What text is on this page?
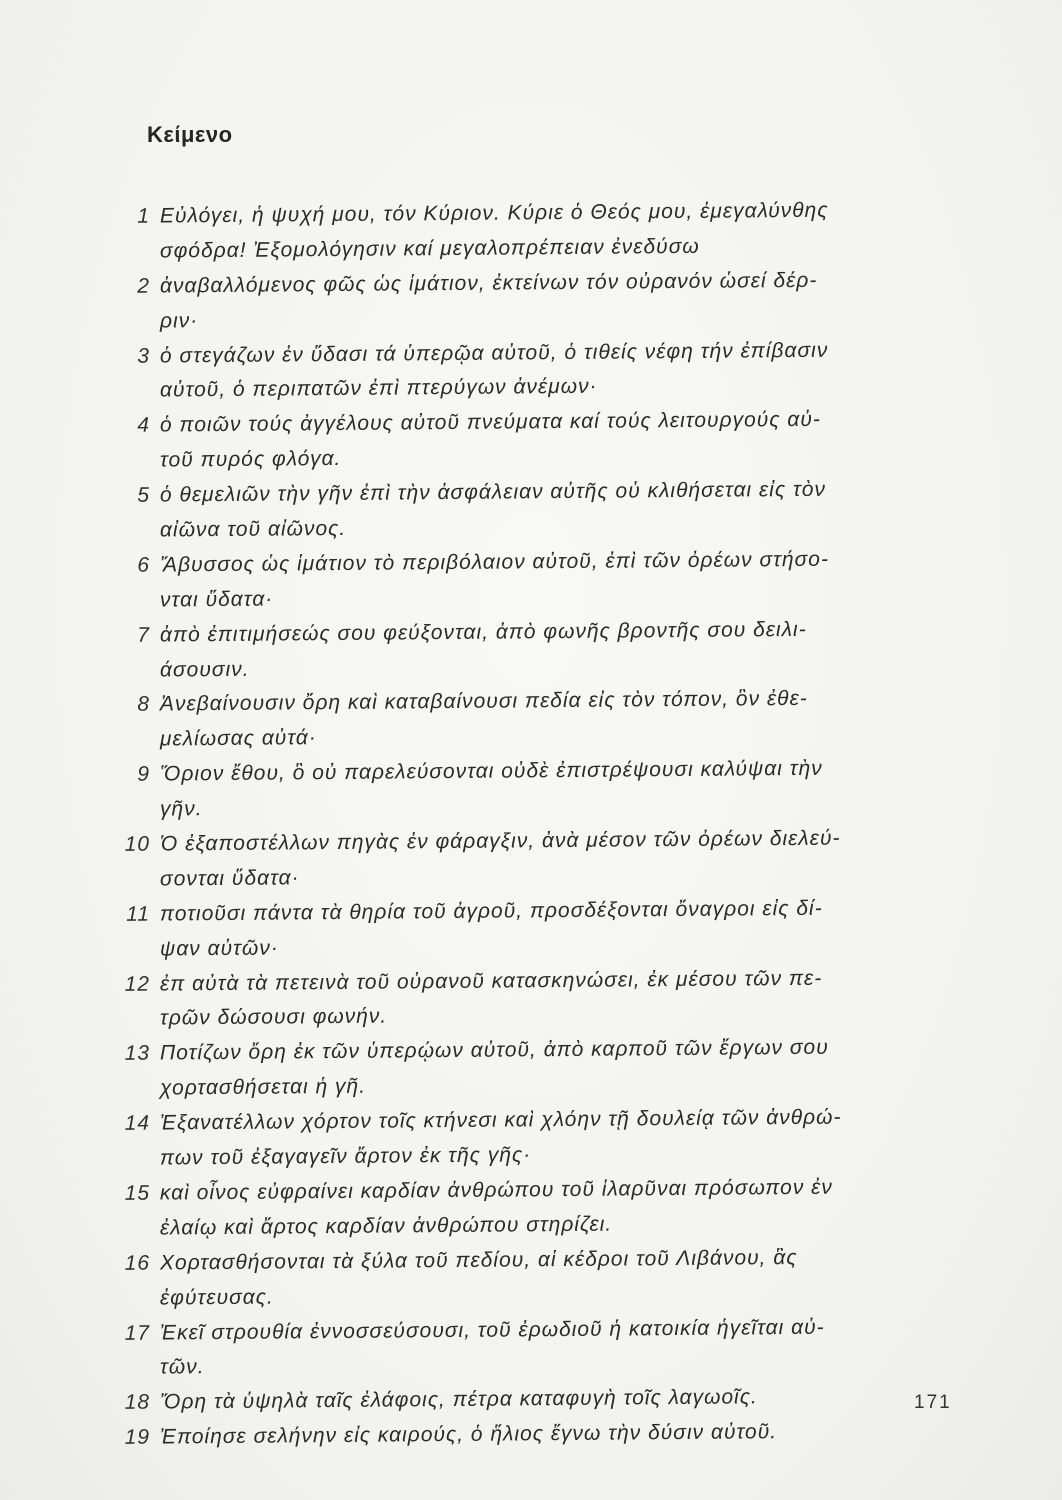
Κείμενο
1 Εὐλόγει, ἡ ψυχή μου, τόν Κύριον. Κύριε ὁ Θεός μου, ἐμεγαλύνθης
σφόδρα! Ἐξομολόγησιν καί μεγαλοπρέπειαν ἐνεδύσω
2 ἀναβαλλόμενος φῶς ὡς ἱμάτιον, ἐκτείνων τόν οὐρανόν ὡσεί δέρ-
ριν·
3 ὁ στεγάζων ἐν ὕδασι τά ὑπερῷα αὐτοῦ, ὁ τιθείς νέφη τήν ἐπίβασιν
αὐτοῦ, ὁ περιπατῶν ἐπὶ πτερύγων ἀνέμων·
4 ὁ ποιῶν τούς ἀγγέλους αὐτοῦ πνεύματα καί τούς λειτουργούς αὐ-
τοῦ πυρός φλόγα.
5 ὁ θεμελιῶν τὴν γῆν ἐπὶ τὴν ἀσφάλειαν αὐτῆς οὐ κλιθήσεται εἰς τὸν
αἰῶνα τοῦ αἰῶνος.
6 Ἄβυσσος ὡς ἱμάτιον τὸ περιβόλαιον αὐτοῦ, ἐπὶ τῶν ὀρέων στήσο-
νται ὕδατα·
7 ἀπὸ ἐπιτιμήσεώς σου φεύξονται, ἀπὸ φωνῆς βροντῆς σου δειλι-
άσουσιν.
8 Ἀνεβαίνουσιν ὄρη καὶ καταβαίνουσι πεδία εἰς τὸν τόπον, ὃν ἐθε-
μελίωσας αὐτά·
9 Ὅριον ἔθου, ὃ οὐ παρελεύσονται οὐδὲ ἐπιστρέψουσι καλύψαι τὴν
γῆν.
10 Ὁ ἐξαποστέλλων πηγὰς ἐν φάραγξιν, ἀνὰ μέσον τῶν ὀρέων διελεύ-
σονται ὕδατα·
11 ποτιοῦσι πάντα τὰ θηρία τοῦ ἀγροῦ, προσδέξονται ὄναγροι εἰς δί-
ψαν αὐτῶν·
12 ἐπ αὐτὰ τὰ πετεινὰ τοῦ οὐρανοῦ κατασκηνώσει, ἐκ μέσου τῶν πε-
τρῶν δώσουσι φωνήν.
13 Ποτίζων ὄρη ἐκ τῶν ὑπερῴων αὐτοῦ, ἀπὸ καρποῦ τῶν ἔργων σου
χορτασθήσεται ἡ γῆ.
14 Ἐξανατέλλων χόρτον τοῖς κτήνεσι καὶ χλόην τῇ δουλείᾳ τῶν ἀνθρώ-
πων τοῦ ἐξαγαγεῖν ἄρτον ἐκ τῆς γῆς·
15 καὶ οἶνος εὐφραίνει καρδίαν ἀνθρώπου τοῦ ἱλαρῦναι πρόσωπον ἐν
ἐλαίῳ καὶ ἄρτος καρδίαν ἀνθρώπου στηρίζει.
16 Χορτασθήσονται τὰ ξύλα τοῦ πεδίου, αἱ κέδροι τοῦ Λιβάνου, ἃς
ἐφύτευσας.
17 Ἐκεῖ στρουθία ἐννοσσεύσουσι, τοῦ ἐρωδιοῦ ἡ κατοικία ἡγεῖται αὐ-
τῶν.
18 Ὄρη τὰ ὑψηλὰ ταῖς ἐλάφοις, πέτρα καταφυγὴ τοῖς λαγωοῖς.
19 Ἐποίησε σελήνην εἰς καιρούς, ὁ ἥλιος ἔγνω τὴν δύσιν αὐτοῦ.
171
